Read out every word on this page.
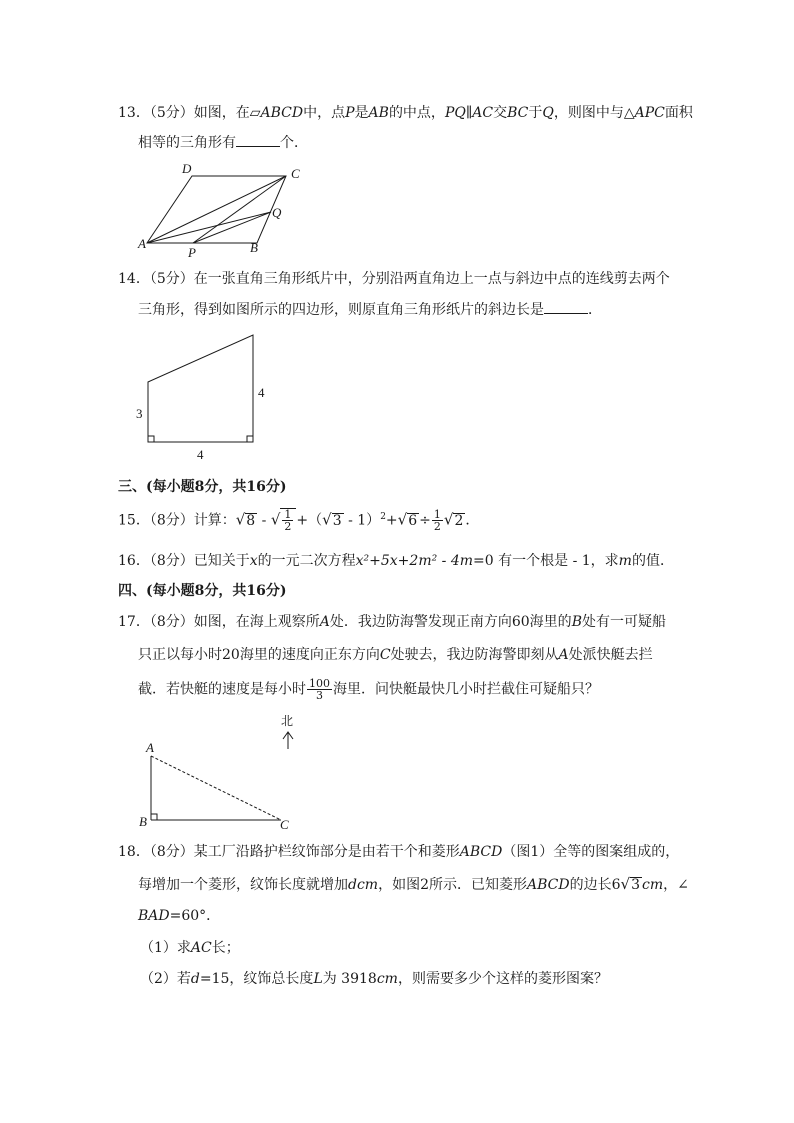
13．（5分）如图，在▱ABCD中，点P是AB的中点，PQ∥AC交BC于Q，则图中与△APC面积
相等的三角形有	个．
D	C
Q
A
P	B
14．（5分）在一张直角三角形纸片中，分别沿两直角边上一点与斜边中点的连线剪去两个
三角形，得到如图所示的四边形，则原直角三角形纸片的斜边长是	．
3
4
4
三、(每小题8分，共16分)
15．（8分）计算：√8 - √ $\frac{1}{2} +(√3 - 1)^2+√6 \div \frac{1}{2} √2$ ．
16．（8分）已知关于x的一元二次方程x²+5x+2m² - 4m=0 有一个根是 - 1，求m的值．
四、(每小题8分，共16分)
17．（8分）如图，在海上观察所A处．我边防海警发现正南方向60海里的B处有一可疑船
只正以每小时20海里的速度向正东方向C处驶去，我边防海警即刻从A处派快艇去拦
截．若快艇的速度是每小时 $\frac{100}{3}$ 海里．问快艇最快几小时拦截住可疑船只？
北
A
B	C
18．（8分）某工厂沿路护栏纹饰部分是由若干个和菱形ABCD（图1）全等的图案组成的，
每增加一个菱形，纹饰长度就增加dcm，如图2所示．已知菱形ABCD的边长6√3 cm，∠
BAD=60°．
（1）求AC长；
（2）若d=15，纹饰总长度L为 3918cm，则需要多少个这样的菱形图案？
